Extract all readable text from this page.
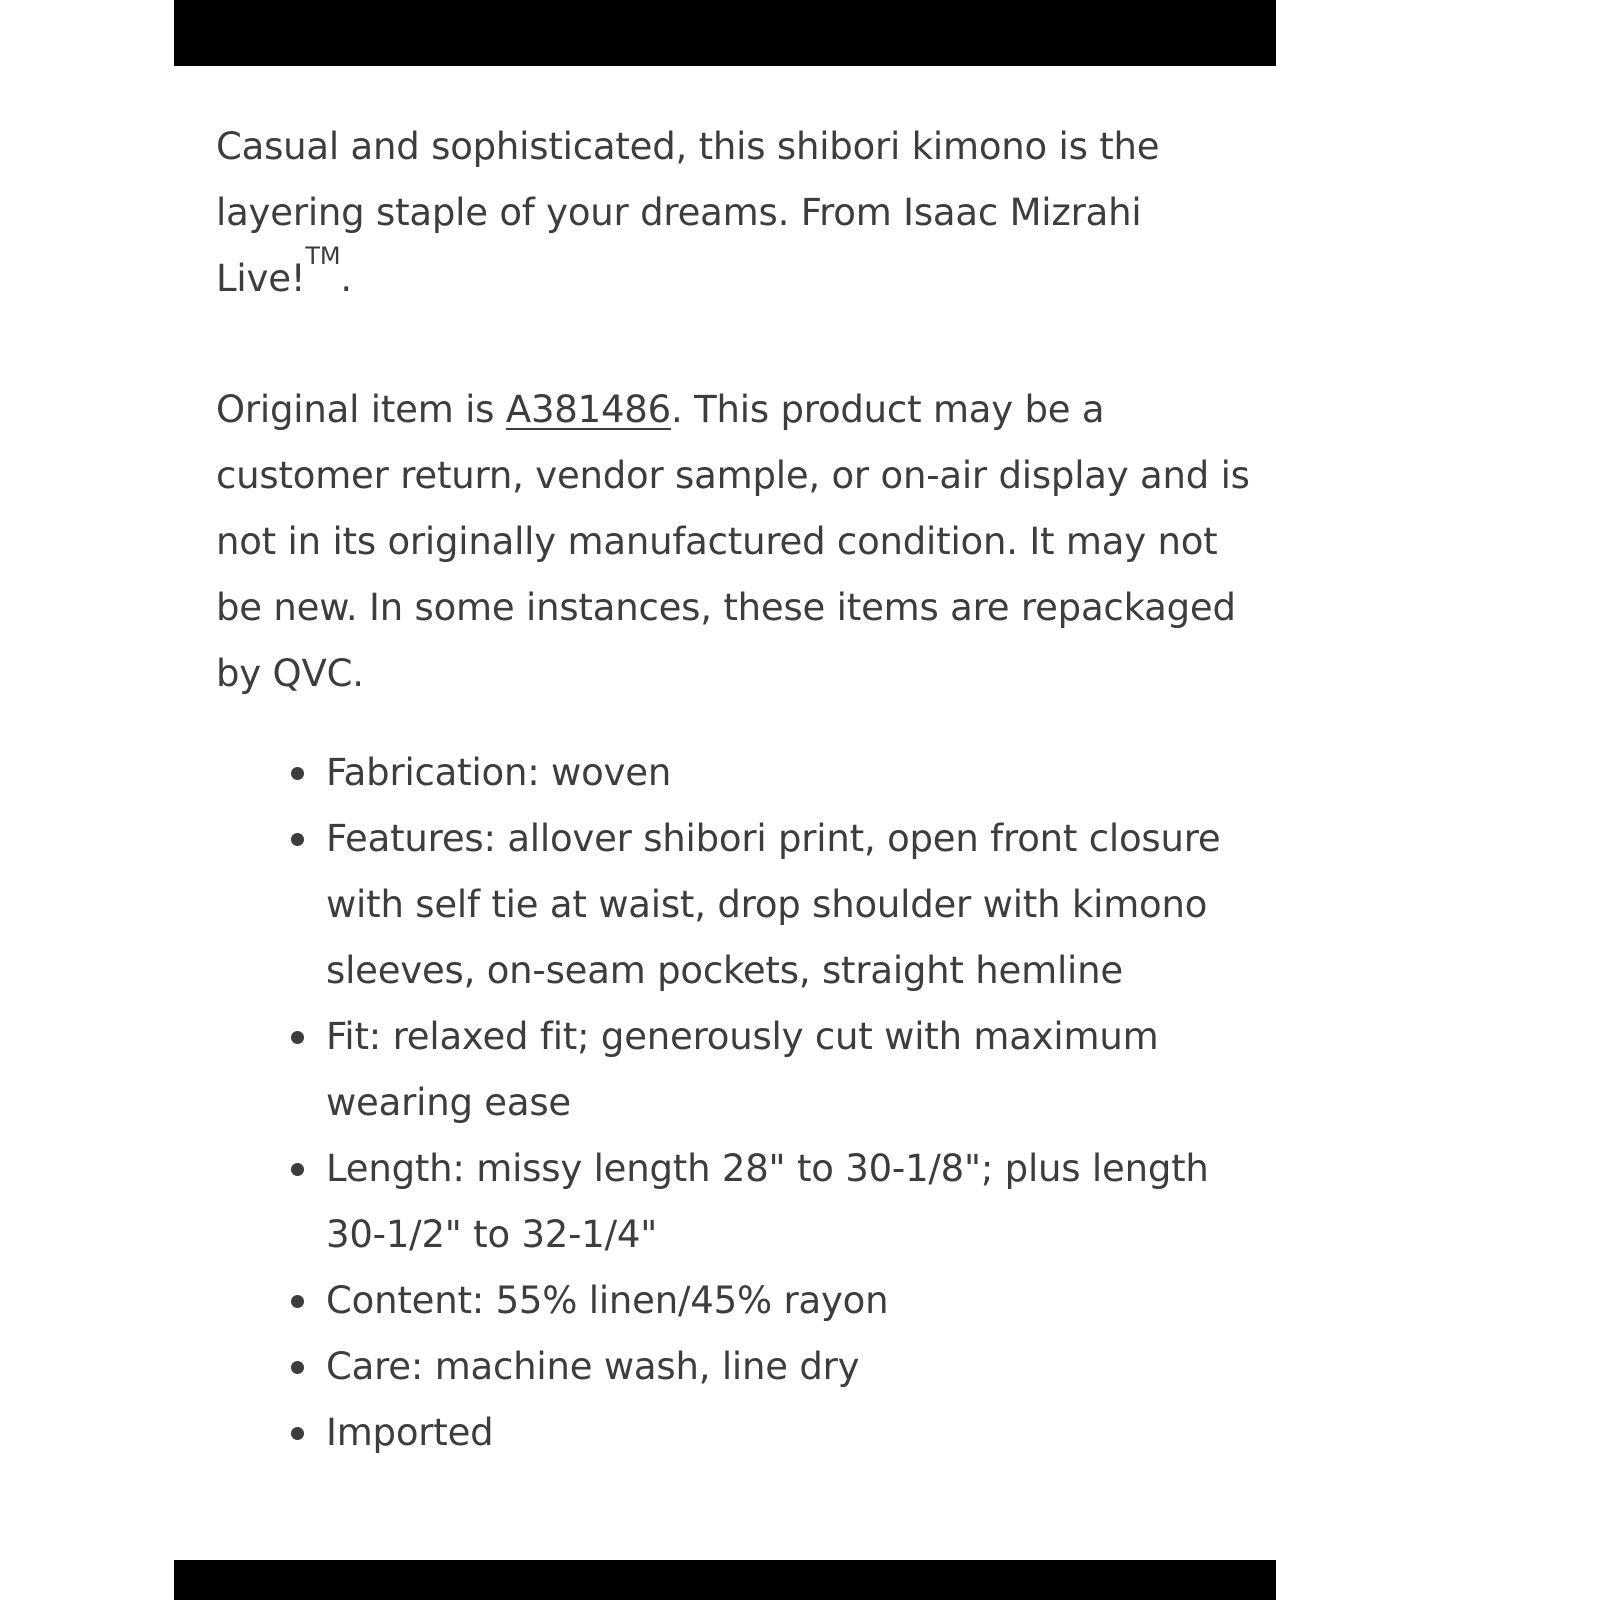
Casual and sophisticated, this shibori kimono is the layering staple of your dreams. From Isaac Mizrahi Live!™.

Original item is A381486. This product may be a customer return, vendor sample, or on-air display and is not in its originally manufactured condition. It may not be new. In some instances, these items are repackaged by QVC.

Fabrication: woven
Features: allover shibori print, open front closure with self tie at waist, drop shoulder with kimono sleeves, on-seam pockets, straight hemline
Fit: relaxed fit; generously cut with maximum wearing ease
Length: missy length 28" to 30-1/8"; plus length 30-1/2" to 32-1/4"
Content: 55% linen/45% rayon
Care: machine wash, line dry
Imported
